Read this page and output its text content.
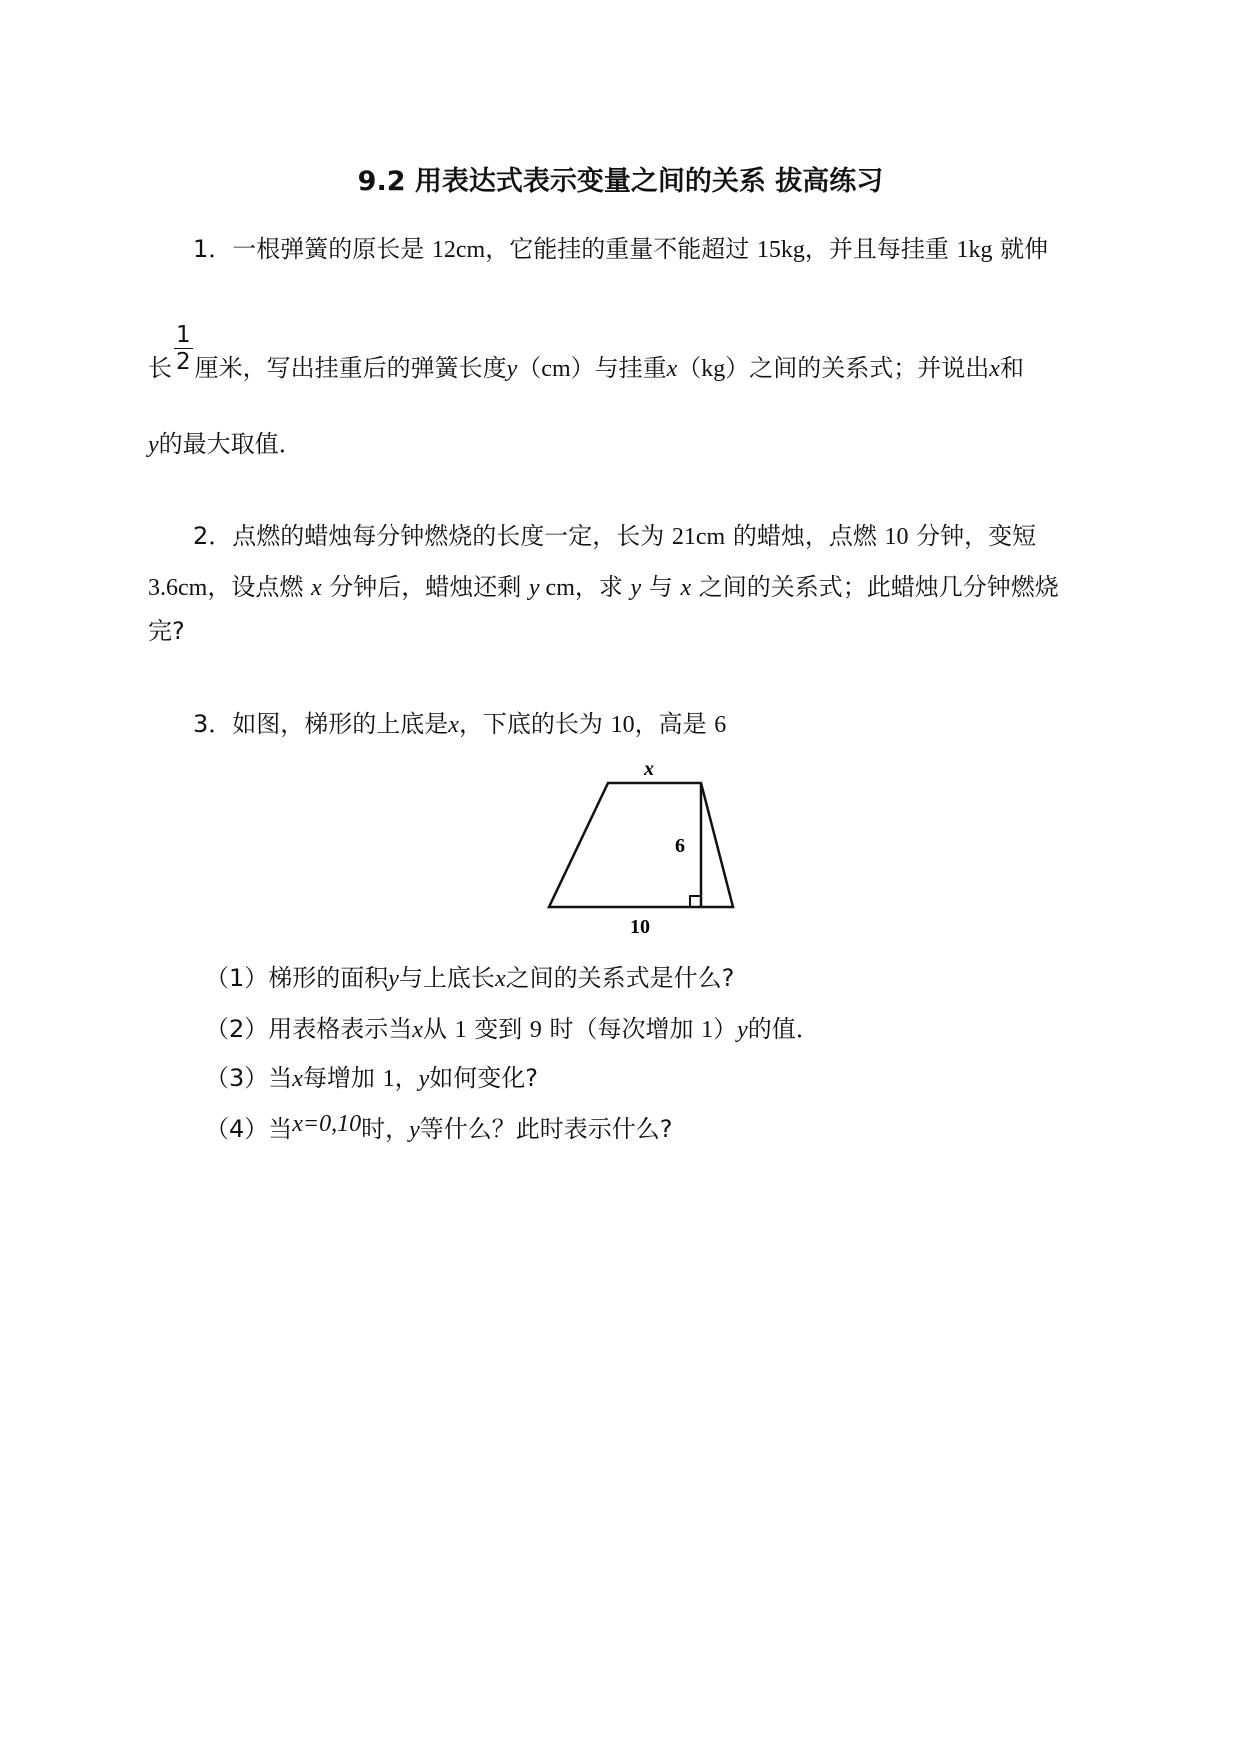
9.2 用表达式表示变量之间的关系 拔高练习
1．一根弹簧的原长是 12cm，它能挂的重量不能超过 15kg，并且每挂重 1kg 就伸
长 $\frac{1}{2}$ 厘米，写出挂重后的弹簧长度y（cm）与挂重x（kg）之间的关系式；并说出x和
y的最大取值．
2．点燃的蜡烛每分钟燃烧的长度一定，长为 21cm 的蜡烛，点燃 10 分钟，变短
3.6cm，设点燃 x 分钟后，蜡烛还剩 y cm，求 y 与 x 之间的关系式；此蜡烛几分钟燃烧
完?
3．如图，梯形的上底是x，下底的长为 10，高是 6
x
6
10
（1）梯形的面积y与上底长x之间的关系式是什么?
（2）用表格表示当x从 1 变到 9 时（每次增加 1）y的值．
（3）当x每增加 1，y如何变化?
（4）当x=0,10时，y等什么？此时表示什么?
